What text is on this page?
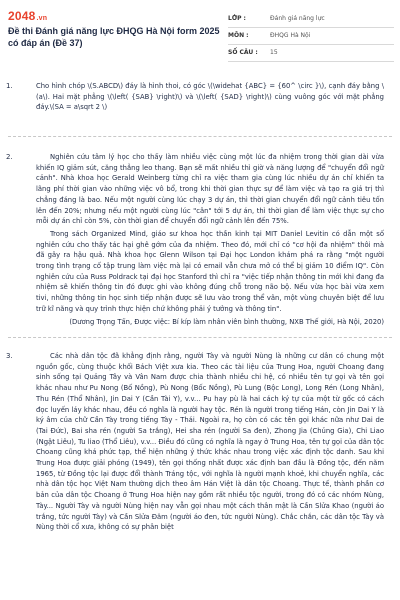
2048.vn
Đề thi Đánh giá năng lực ĐHQG Hà Nội form 2025 có đáp án (Đề 37)
LỚP :	Đánh giá năng lực
MÔN :	ĐHQG Hà Nội
SỐ CÂU : 15
1.	Cho hình chóp \(S.ABCD\) đáy là hình thoi, có góc \(\widehat {ABC} = {60^ \circ }\), cạnh đáy bằng \(a\). Hai mặt phẳng \(\left( {SAB} \right)\) và \(\left( {SAD} \right)\) cùng vuông góc với mặt phẳng đáy.\(SA = a\sqrt 2 \)

2.	Nghiên cứu tâm lý học cho thấy làm nhiều việc cùng một lúc đa nhiệm trong thời gian dài vừa khiến IQ giảm sút, căng thẳng leo thang. Bạn sẽ mất nhiều thì giờ và năng lượng để "chuyển đổi ngữ cảnh". Nhà khoa học Gerald Weinberg từng chỉ ra việc tham gia cùng lúc nhiều dự án chỉ khiến ta lãng phí thời gian vào những việc vô bổ, trong khi thời gian thực sự để làm việc và tạo ra giá trị thì chẳng đáng là bao. Nếu một người cùng lúc chạy 3 dự án, thì thời gian chuyển đổi ngữ cảnh tiêu tốn lên đến 20%; nhưng nếu một người cùng lúc "cân" tới 5 dự án, thì thời gian để làm việc thực sự cho mỗi dự án chỉ còn 5%, còn thời gian để chuyển đổi ngữ cảnh lên đến 75%.

Trong sách Organized Mind, giáo sư khoa học thần kinh tại MIT Daniel Levitin có dẫn một số nghiên cứu cho thấy tác hại ghê gớm của đa nhiệm. Theo đó, mới chỉ có "cơ hội đa nhiệm" thôi mà đã gây ra hậu quả. Nhà khoa học Glenn Wilson tại Đại học London khám phá ra rằng "một người trong tình trạng cố tập trung làm việc mà lại có email vẫn chưa mở có thể bị giảm 10 điểm IQ". Còn nghiên cứu của Russ Poldrack tại đại học Stanford thì chỉ ra "việc tiếp nhận thông tin mới khi đang đa nhiệm sẽ khiến thông tin đó được ghi vào không đúng chỗ trong não bộ. Nếu vừa học bài vừa xem tivi, những thông tin học sinh tiếp nhận được sẽ lưu vào trong thể vân, một vùng chuyên biệt để lưu trữ kĩ năng và quy trình thực hiện chứ không phải ý tưởng và thông tin".

(Dương Trọng Tấn, Được việc: Bí kíp làm nhân viên bình thường, NXB Thế giới, Hà Nội, 2020)

3.	Các nhà dân tộc đã khẳng định rằng, người Tày và người Nùng là những cư dân có chung một nguồn gốc, cùng thuộc khối Bách Việt xưa kia. Theo các tài liệu của Trung Hoa, người Choang đang sinh sống tại Quảng Tây và Vân Nam được chia thành nhiều chi hệ, có nhiều tên tự gọi và tên gọi khác nhau như Pu Nong (Bố Nồng), Pù Nong (Bốc Nồng), Pù Lung (Bộc Long), Long Rén (Long Nhân), Thu Rén (Thổ Nhân), Jin Dai Y (Cần Tài Y), v.v... Pu hay pù là hai cách ký tự của một từ gốc có cách đọc luyến láy khác nhau, đều có nghĩa là người hay tộc. Rén là người trong tiếng Hán, còn Jin Dai Y là ký âm của chữ Cần Tày trong tiếng Tày - Thái. Ngoài ra, họ còn có các tên gọi khác nữa như Dai de (Tai Đức), Bai sha rén (người Sa trắng), Hei sha rén (người Sa đen), Zhong Jia (Chủng Gia), Chi Liao (Ngật Liêu), Tu liao (Thổ Liêu), v.v... Điều đó cũng có nghĩa là ngay ở Trung Hoa, tên tự gọi của dân tộc Choang cũng khá phức tạp, thể hiện những ý thức khác nhau trong việc xác định tộc danh. Sau khi Trung Hoa được giải phóng (1949), tên gọi thống nhất được xác định ban đầu là Đồng tộc, đến năm 1965, từ Đồng tộc lại được đổi thành Tráng tộc, với nghĩa là người mạnh khoẻ, khi chuyển nghĩa, các nhà dân tộc học Việt Nam thường dịch theo âm Hán Việt là dân tộc Choang. Thực tế, thành phần cơ bản của dân tộc Choang ở Trung Hoa hiện nay gồm rất nhiều tộc người, trong đó có các nhóm Nùng, Tày... Người Tày và người Nùng hiện nay vẫn gọi nhau một cách thân mật là Cần Slửa Khao (người áo trắng, tức người Tày) và Cần Slửa Đăm (người áo đen, tức người Nùng). Chắc chắn, các dân tộc Tày và Nùng thời cổ xưa, không có sự phân biệt
